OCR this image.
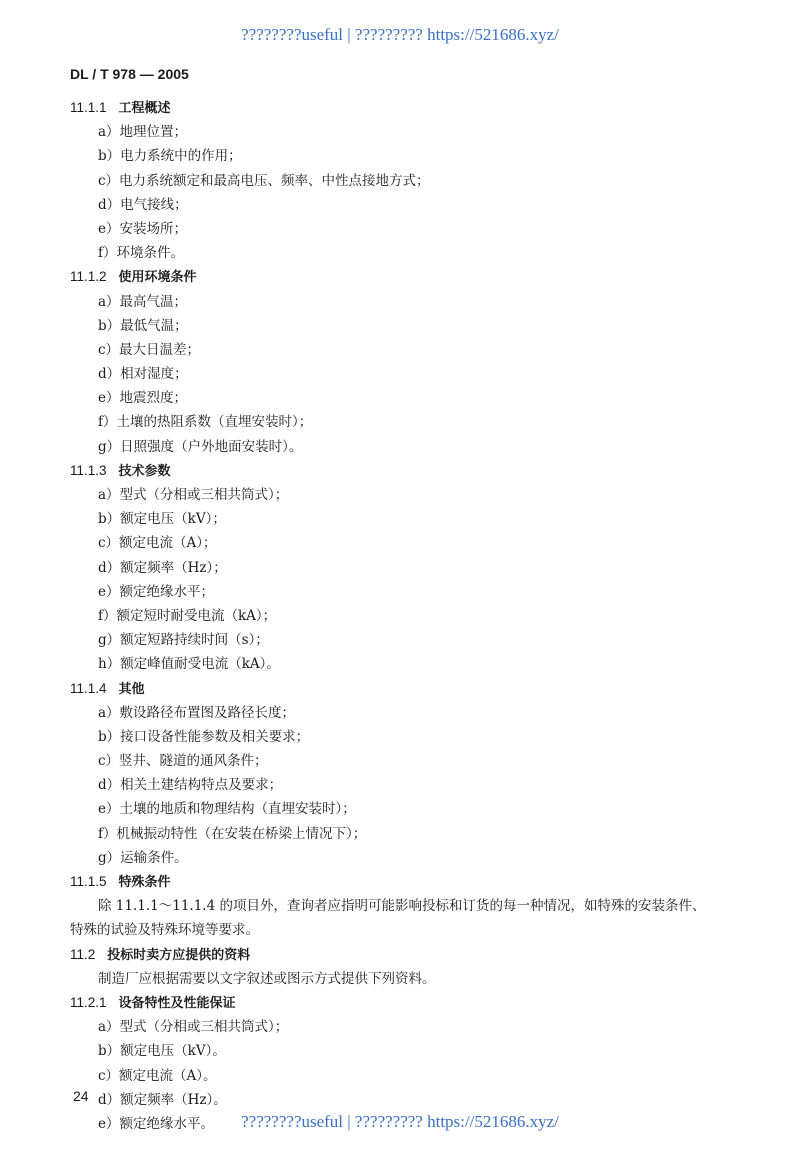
????????useful | ????????? https://521686.xyz/
DL / T 978 — 2005
11.1.1 工程概述
a）地理位置；
b）电力系统中的作用；
c）电力系统额定和最高电压、频率、中性点接地方式；
d）电气接线；
e）安装场所；
f）环境条件。
11.1.2 使用环境条件
a）最高气温；
b）最低气温；
c）最大日温差；
d）相对湿度；
e）地震烈度；
f）土壤的热阻系数（直埋安装时）；
g）日照强度（户外地面安装时）。
11.1.3 技术参数
a）型式（分相或三相共筒式）；
b）额定电压（kV）；
c）额定电流（A）；
d）额定频率（Hz）；
e）额定绝缘水平；
f）额定短时耐受电流（kA）；
g）额定短路持续时间（s）；
h）额定峰值耐受电流（kA）。
11.1.4 其他
a）敷设路径布置图及路径长度；
b）接口设备性能参数及相关要求；
c）竖井、隧道的通风条件；
d）相关土建结构特点及要求；
e）土壤的地质和物理结构（直埋安装时）；
f）机械振动特性（在安装在桥梁上情况下）；
g）运输条件。
11.1.5 特殊条件
除 11.1.1～11.1.4 的项目外，查询者应指明可能影响投标和订货的每一种情况，如特殊的安装条件、
特殊的试验及特殊环境等要求。
11.2 投标时卖方应提供的资料
制造厂应根据需要以文字叙述或图示方式提供下列资料。
11.2.1 设备特性及性能保证
a）型式（分相或三相共筒式）；
b）额定电压（kV）。
c）额定电流（A）。
d）额定频率（Hz）。
e）额定绝缘水平。
24
????????useful | ????????? https://521686.xyz/
